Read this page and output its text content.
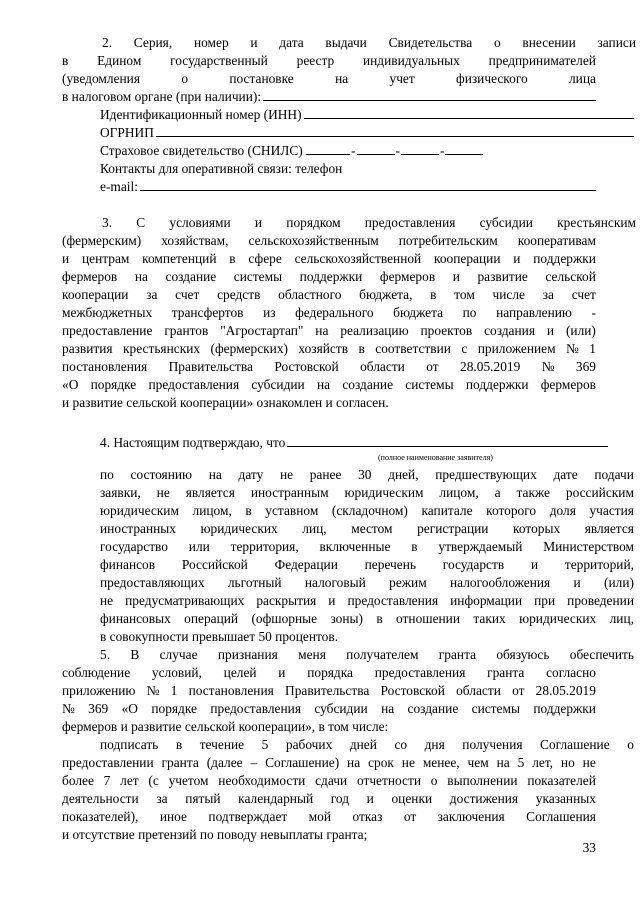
2. Серия, номер и дата выдачи Свидетельства о внесении записи
в Едином государственный реестр индивидуальных предпринимателей
(уведомления	о	постановке	на	учет	физического	лица
в налоговом органе (при наличии):
Идентификационный номер (ИНН)
ОГРНИП
Страховое свидетельство (СНИЛС)	-	-	-
Контакты для оперативной связи: телефон
e-mail:
3. С условиями и порядком предоставления субсидии крестьянским
(фермерским) хозяйствам, сельскохозяйственным потребительским кооперативам
и центрам компетенций в сфере сельскохозяйственной кооперации и поддержки
фермеров на создание системы поддержки фермеров и развитие сельской
кооперации за счет средств областного бюджета, в том числе за счет
межбюджетных трансфертов из федерального бюджета по направлению -
предоставление грантов "Агростартап" на реализацию проектов создания и (или)
развития крестьянских (фермерских) хозяйств в соответствии с приложением № 1
постановления Правительства Ростовской области от 28.05.2019 № 369
«О порядке предоставления субсидии на создание системы поддержки фермеров
и развитие сельской кооперации» ознакомлен и согласен.
4. Настоящим подтверждаю, что
(полное наименование заявителя)
по состоянию на дату не ранее 30 дней, предшествующих дате подачи
заявки, не является иностранным юридическим лицом, а также российским
юридическим лицом, в уставном (складочном) капитале которого доля участия
иностранных юридических лиц, местом регистрации которых является
государство или территория, включенные в утверждаемый Министерством
финансов Российской Федерации перечень государств и территорий,
предоставляющих льготный налоговый режим налогообложения и (или)
не предусматривающих раскрытия и предоставления информации при проведении
финансовых операций (офшорные зоны) в отношении таких юридических лиц,
в совокупности превышает 50 процентов.
5. В случае признания меня получателем гранта обязуюсь обеспечить
соблюдение условий, целей и порядка предоставления гранта согласно
приложению № 1 постановления Правительства Ростовской области от 28.05.2019
№ 369 «О порядке предоставления субсидии на создание системы поддержки
фермеров и развитие сельской кооперации», в том числе:
подписать в течение 5 рабочих дней со дня получения Соглашение о
предоставлении гранта (далее – Соглашение) на срок не менее, чем на 5 лет, но не
более 7 лет (с учетом необходимости сдачи отчетности о выполнении показателей
деятельности за пятый календарный год и оценки достижения указанных
показателей), иное подтверждает мой отказ от заключения Соглашения
и отсутствие претензий по поводу невыплаты гранта;
33
